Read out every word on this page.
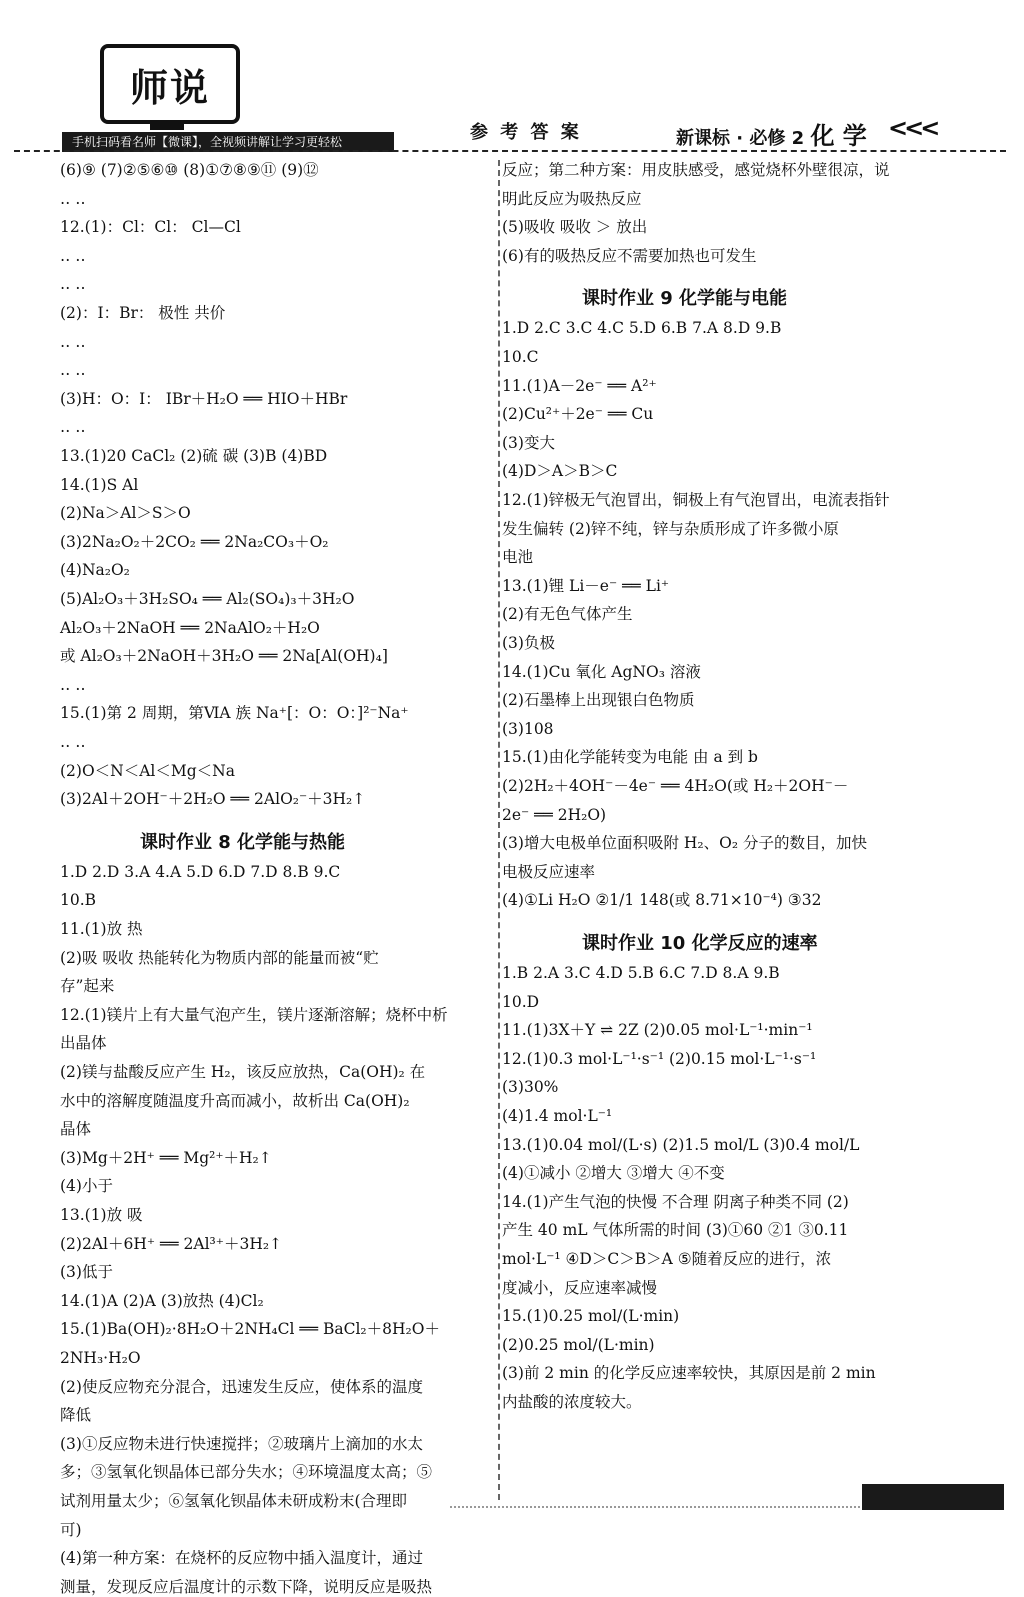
师说
手机扫码看名师【微课】，全视频讲解让学习更轻松	参 考 答 案	新课标 · 必修 2 化 学 <<<
(6)⑨ (7)②⑤⑥⑩ (8)①⑦⑧⑨⑪ (9)⑫
‥ ‥
12.(1)：Cl：Cl： Cl—Cl
‥ ‥
‥ ‥
(2)：I：Br： 极性 共价
‥ ‥
‥ ‥
(3)H：O：I： IBr＋H₂O ══ HIO＋HBr
‥ ‥
13.(1)20 CaCl₂ (2)硫 碳 (3)B (4)BD
14.(1)S Al
(2)Na＞Al＞S＞O
(3)2Na₂O₂＋2CO₂ ══ 2Na₂CO₃＋O₂
(4)Na₂O₂
(5)Al₂O₃＋3H₂SO₄ ══ Al₂(SO₄)₃＋3H₂O
Al₂O₃＋2NaOH ══ 2NaAlO₂＋H₂O
或 Al₂O₃＋2NaOH＋3H₂O ══ 2Na[Al(OH)₄]
‥ ‥
15.(1)第 2 周期，第ⅥA 族 Na⁺[：O：O：]²⁻Na⁺
‥ ‥
(2)O＜N＜Al＜Mg＜Na
(3)2Al＋2OH⁻＋2H₂O ══ 2AlO₂⁻＋3H₂↑
课时作业 8 化学能与热能
1.D 2.D 3.A 4.A 5.D 6.D 7.D 8.B 9.C
10.B
11.(1)放 热
(2)吸 吸收 热能转化为物质内部的能量而被“贮
存”起来
12.(1)镁片上有大量气泡产生，镁片逐渐溶解；烧杯中析
出晶体
(2)镁与盐酸反应产生 H₂，该反应放热，Ca(OH)₂ 在
水中的溶解度随温度升高而减小，故析出 Ca(OH)₂
晶体
(3)Mg＋2H⁺ ══ Mg²⁺＋H₂↑
(4)小于
13.(1)放 吸
(2)2Al＋6H⁺ ══ 2Al³⁺＋3H₂↑
(3)低于
14.(1)A (2)A (3)放热 (4)Cl₂
15.(1)Ba(OH)₂·8H₂O＋2NH₄Cl ══ BaCl₂＋8H₂O＋
2NH₃·H₂O
(2)使反应物充分混合，迅速发生反应，使体系的温度
降低
(3)①反应物未进行快速搅拌；②玻璃片上滴加的水太
多；③氢氧化钡晶体已部分失水；④环境温度太高；⑤
试剂用量太少；⑥氢氧化钡晶体未研成粉末(合理即
可)
(4)第一种方案：在烧杯的反应物中插入温度计，通过
测量，发现反应后温度计的示数下降，说明反应是吸热
反应；第二种方案：用皮肤感受，感觉烧杯外壁很凉，说
明此反应为吸热反应
(5)吸收 吸收 ＞ 放出
(6)有的吸热反应不需要加热也可发生
课时作业 9 化学能与电能
1.D 2.C 3.C 4.C 5.D 6.B 7.A 8.D 9.B
10.C
11.(1)A－2e⁻ ══ A²⁺
(2)Cu²⁺＋2e⁻ ══ Cu
(3)变大
(4)D＞A＞B＞C
12.(1)锌极无气泡冒出，铜极上有气泡冒出，电流表指针
发生偏转 (2)锌不纯，锌与杂质形成了许多微小原
电池
13.(1)锂 Li－e⁻ ══ Li⁺
(2)有无色气体产生
(3)负极
14.(1)Cu 氧化 AgNO₃ 溶液
(2)石墨棒上出现银白色物质
(3)108
15.(1)由化学能转变为电能 由 a 到 b
(2)2H₂＋4OH⁻－4e⁻ ══ 4H₂O(或 H₂＋2OH⁻－
2e⁻ ══ 2H₂O)
(3)增大电极单位面积吸附 H₂、O₂ 分子的数目，加快
电极反应速率
(4)①Li H₂O ②1/1 148(或 8.71×10⁻⁴) ③32
课时作业 10 化学反应的速率
1.B 2.A 3.C 4.D 5.B 6.C 7.D 8.A 9.B
10.D
11.(1)3X＋Y ⇌ 2Z (2)0.05 mol·L⁻¹·min⁻¹
12.(1)0.3 mol·L⁻¹·s⁻¹ (2)0.15 mol·L⁻¹·s⁻¹
(3)30%
(4)1.4 mol·L⁻¹
13.(1)0.04 mol/(L·s) (2)1.5 mol/L (3)0.4 mol/L
(4)①减小 ②增大 ③增大 ④不变
14.(1)产生气泡的快慢 不合理 阴离子种类不同 (2)
产生 40 mL 气体所需的时间 (3)①60 ②1 ③0.11
mol·L⁻¹ ④D＞C＞B＞A ⑤随着反应的进行，浓
度减小，反应速率减慢
15.(1)0.25 mol/(L·min)
(2)0.25 mol/(L·min)
(3)前 2 min 的化学反应速率较快，其原因是前 2 min
内盐酸的浓度较大。
